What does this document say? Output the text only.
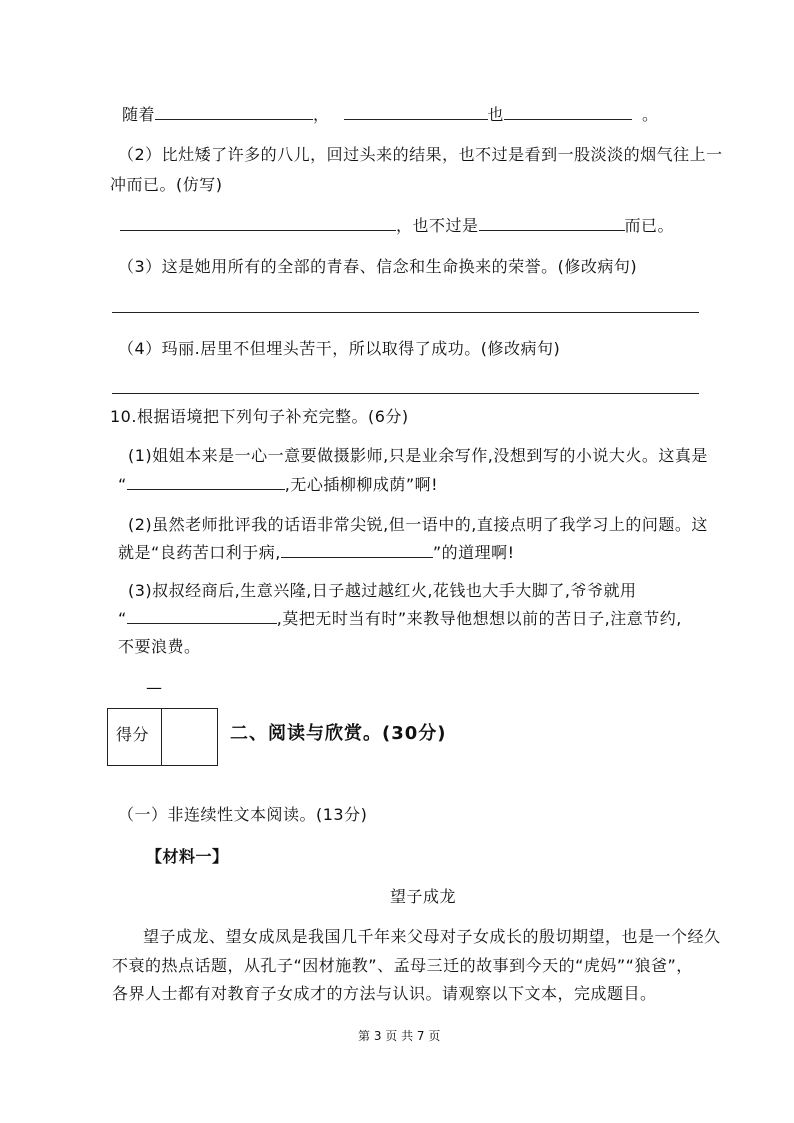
随着	，	也	。
（2）比灶矮了许多的八儿，回过头来的结果，也不过是看到一股淡淡的烟气往上一
冲而已。(仿写)
，也不过是	而已。
（3）这是她用所有的全部的青春、信念和生命换来的荣誉。(修改病句)
（4）玛丽.居里不但埋头苦干，所以取得了成功。(修改病句)
10.根据语境把下列句子补充完整。(6分)
(1)姐姐本来是一心一意要做摄影师,只是业余写作,没想到写的小说大火。这真是
“	,无心插柳柳成荫”啊!
(2)虽然老师批评我的话语非常尖锐,但一语中的,直接点明了我学习上的问题。这
就是“良药苦口利于病,	”的道理啊!
(3)叔叔经商后,生意兴隆,日子越过越红火,花钱也大手大脚了,爷爷就用
“	,莫把无时当有时”来教导他想想以前的苦日子,注意节约,
不要浪费。
—
得分	二、阅读与欣赏。(30分)
（一）非连续性文本阅读。(13分)
【材料一】
望子成龙
望子成龙、望女成凤是我国几千年来父母对子女成长的殷切期望，也是一个经久
不衰的热点话题，从孔子“因材施教”、孟母三迁的故事到今天的“虎妈”“狼爸”，
各界人士都有对教育子女成才的方法与认识。请观察以下文本，完成题目。
第 3 页 共 7 页
